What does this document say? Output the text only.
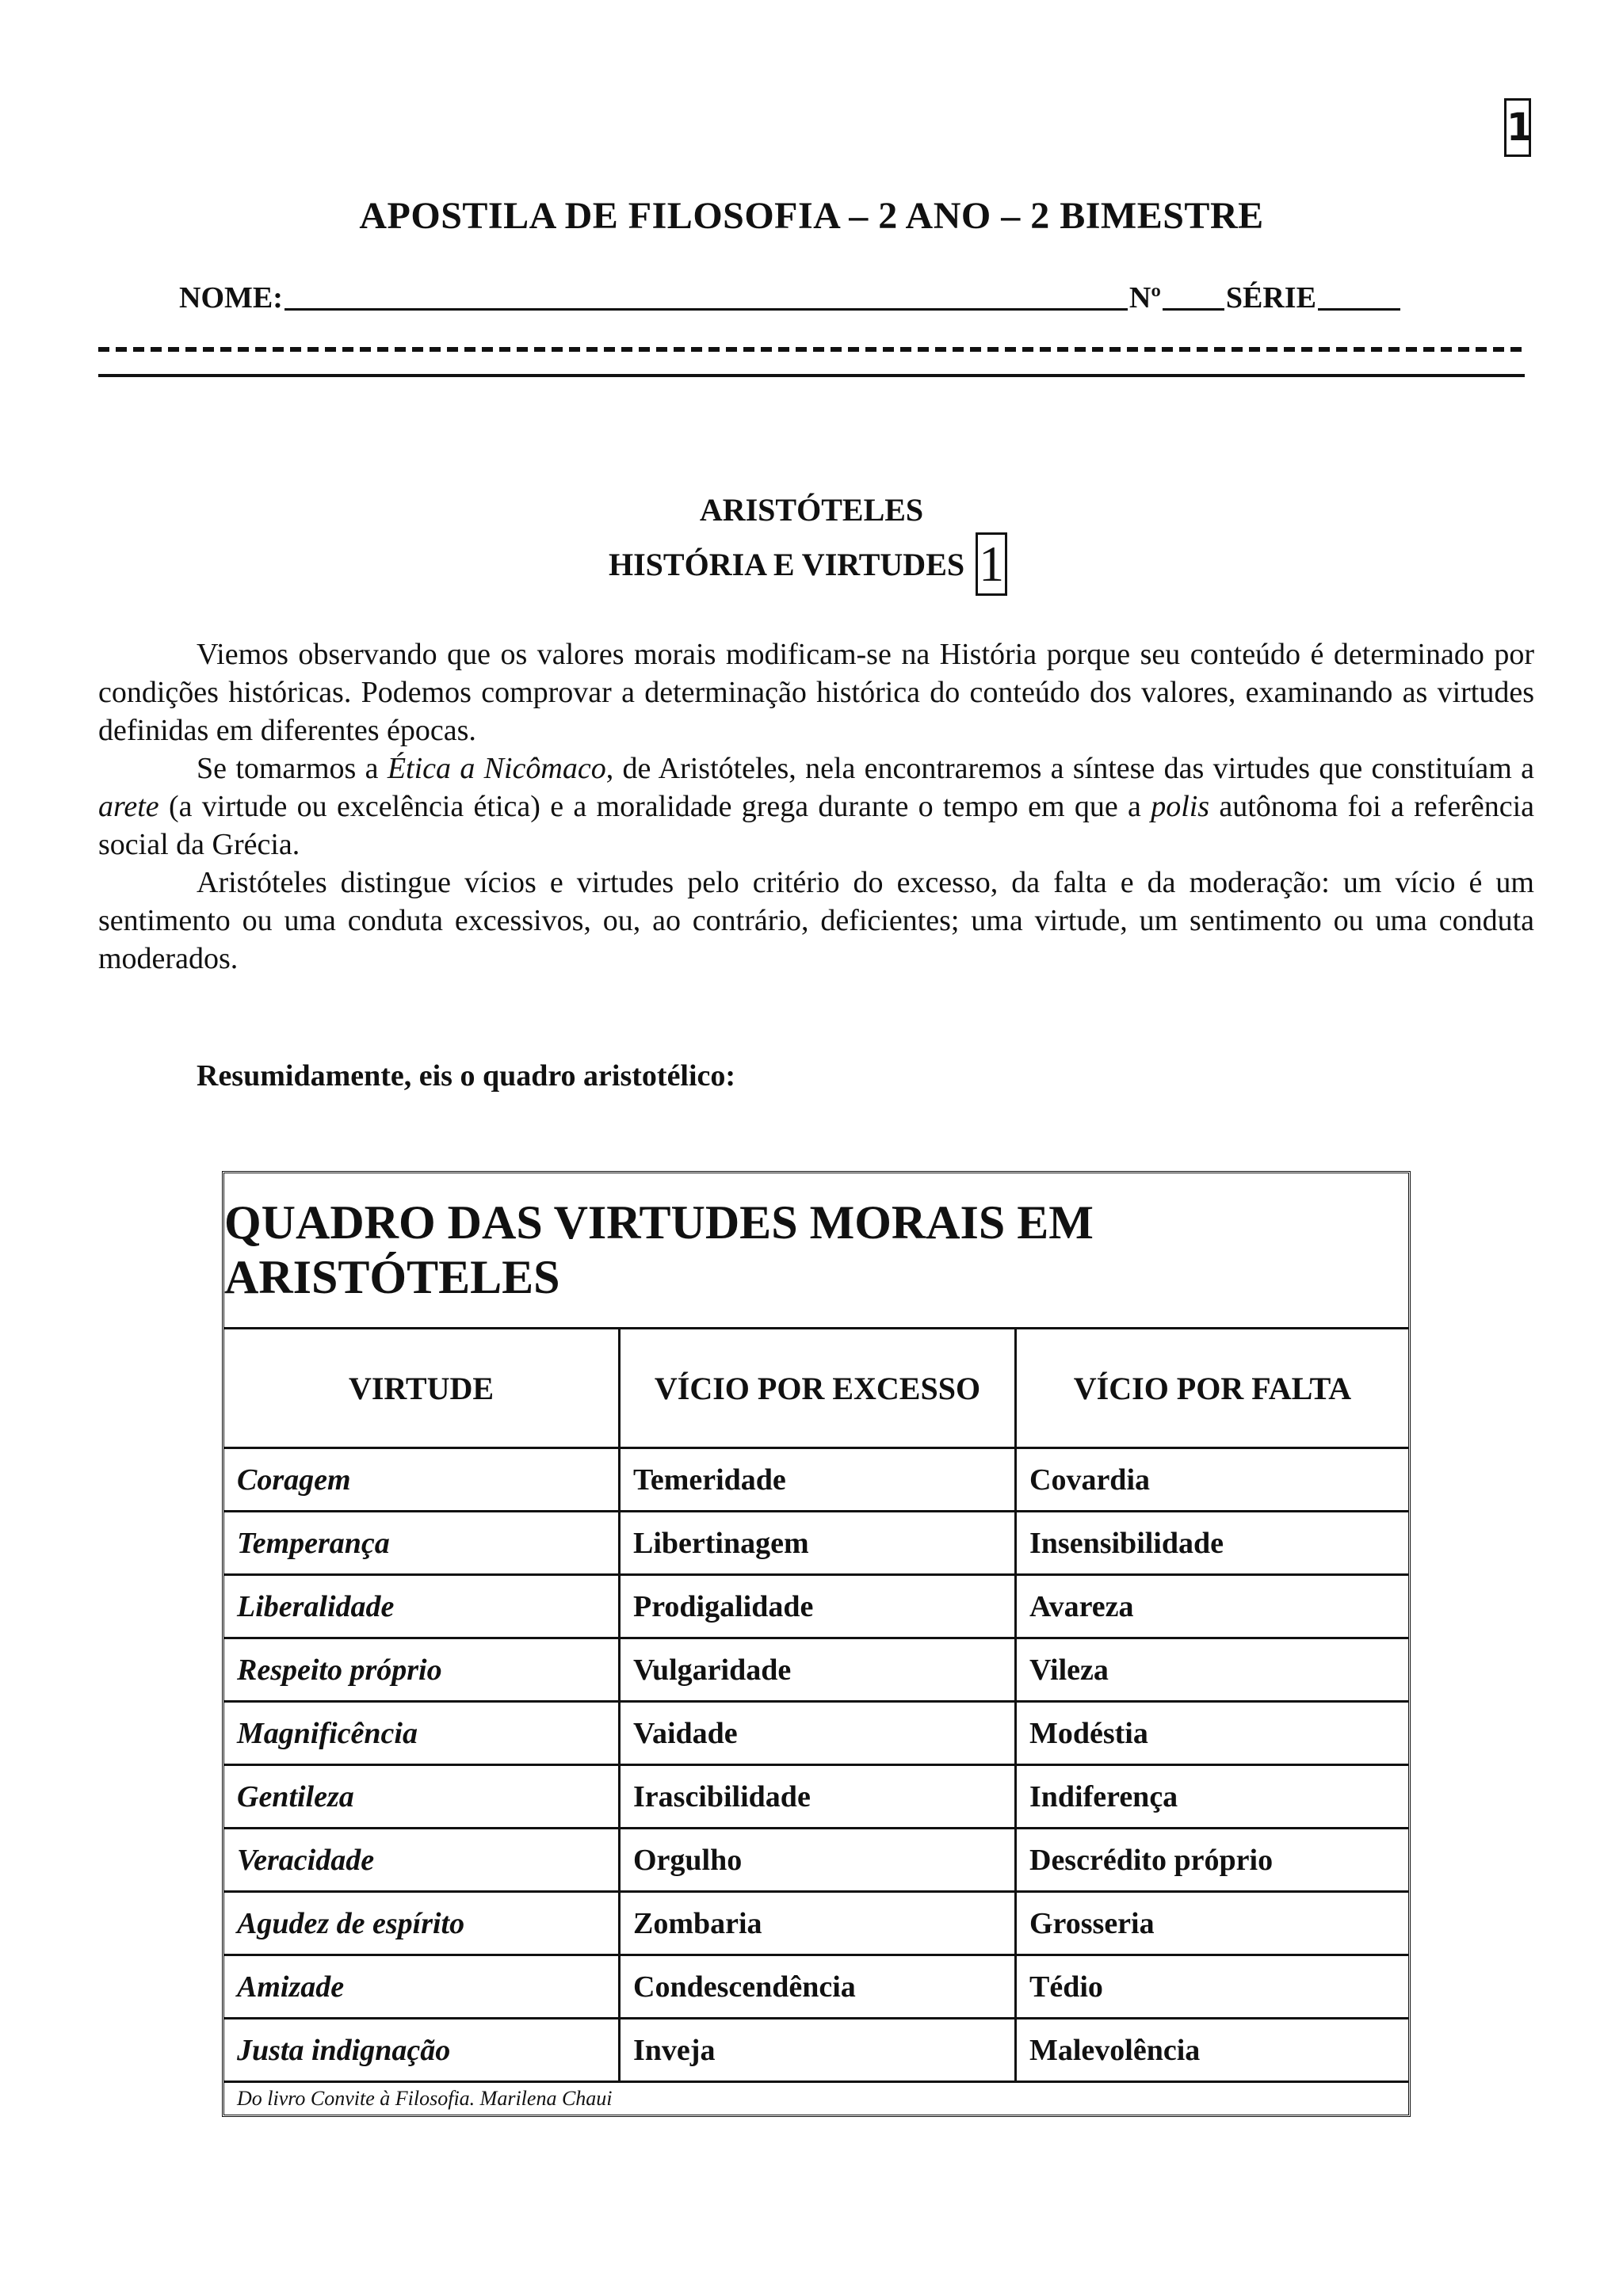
1
APOSTILA DE FILOSOFIA – 2 ANO – 2 BIMESTRE
NOME:	Nº SÉRIE
ARISTÓTELES
HISTÓRIA E VIRTUDES 1

Viemos observando que os valores morais modificam-se na História porque seu conteúdo é determinado por condições históricas. Podemos comprovar a determinação histórica do conteúdo dos valores, examinando as virtudes definidas em diferentes épocas.

Se tomarmos a Ética a Nicômaco, de Aristóteles, nela encontraremos a síntese das virtudes que constituíam a arete (a virtude ou excelência ética) e a moralidade grega durante o tempo em que a polis autônoma foi a referência social da Grécia.

Aristóteles distingue vícios e virtudes pelo critério do excesso, da falta e da moderação: um vício é um sentimento ou uma conduta excessivos, ou, ao contrário, deficientes; uma virtude, um sentimento ou uma conduta moderados.

Resumidamente, eis o quadro aristotélico:
QUADRO DAS VIRTUDES MORAIS EM ARISTÓTELES
VIRTUDE	VÍCIO POR EXCESSO	VÍCIO POR FALTA
Coragem	Temeridade	Covardia
Temperança	Libertinagem	Insensibilidade
Liberalidade	Prodigalidade	Avareza
Respeito próprio	Vulgaridade	Vileza
Magnificência	Vaidade	Modéstia
Gentileza	Irascibilidade	Indiferença
Veracidade	Orgulho	Descrédito próprio
Agudez de espírito	Zombaria	Grosseria
Amizade	Condescendência	Tédio
Justa indignação	Inveja	Malevolência
Do livro Convite à Filosofia. Marilena Chaui
